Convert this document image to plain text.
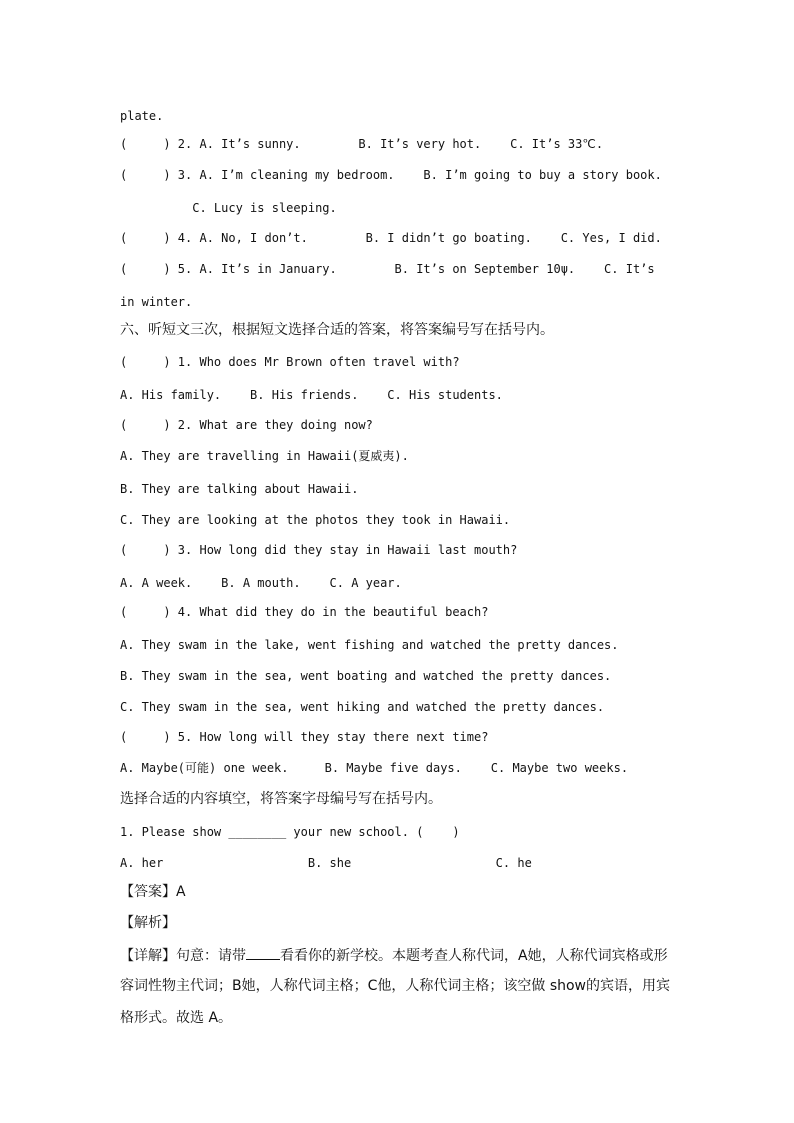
plate.
(     ) 2. A. It’s sunny.        B. It’s very hot.    C. It’s 33℃.
(     ) 3. A. I’m cleaning my bedroom.    B. I’m going to buy a story book.
C. Lucy is sleeping.
(     ) 4. A. No, I don’t.        B. I didn’t go boating.    C. Yes, I did.
(     ) 5. A. It’s in January.        B. It’s on September 10ψ.    C. It’s
in winter.
六、听短文三次，根据短文选择合适的答案，将答案编号写在括号内。
(     ) 1. Who does Mr Brown often travel with?
A. His family.    B. His friends.    C. His students.
(     ) 2. What are they doing now?
A. They are travelling in Hawaii(夏威夷).
B. They are talking about Hawaii.
C. They are looking at the photos they took in Hawaii.
(     ) 3. How long did they stay in Hawaii last mouth?
A. A week.    B. A mouth.    C. A year.
(     ) 4. What did they do in the beautiful beach?
A. They swam in the lake, went fishing and watched the pretty dances.
B. They swam in the sea, went boating and watched the pretty dances.
C. They swam in the sea, went hiking and watched the pretty dances.
(     ) 5. How long will they stay there next time?
A. Maybe(可能) one week.     B. Maybe five days.    C. Maybe two weeks.
选择合适的内容填空，将答案字母编号写在括号内。
1. Please show ________ your new school. (    )
A. her                    B. she                    C. he
【答案】A
【解析】
【详解】句意：请带 看看你的新学校。本题考查人称代词，A她，人称代词宾格或形
容词性物主代词；B她，人称代词主格；C他，人称代词主格；该空做 show的宾语，用宾
格形式。故选 A。
